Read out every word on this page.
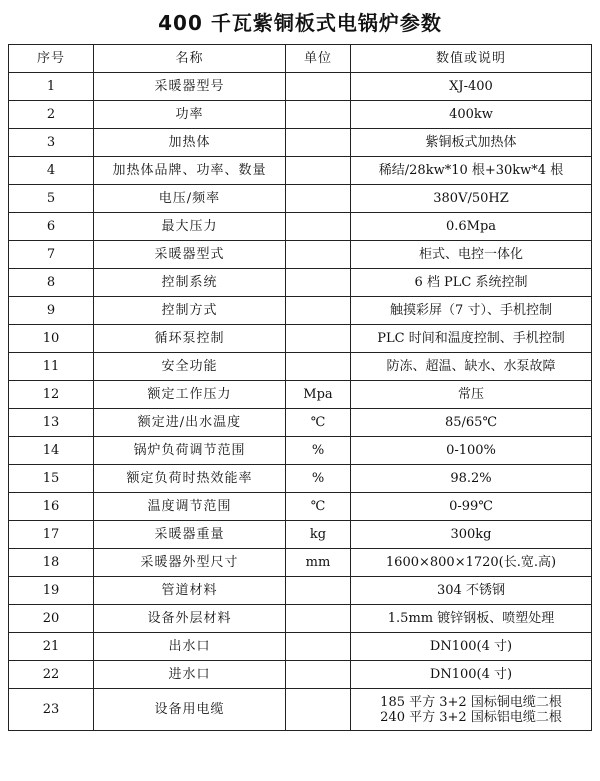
400 千瓦紫铜板式电锅炉参数
序号	名称	单位	数值或说明
1	采暖器型号		XJ-400
2	功率		400kw
3	加热体		紫铜板式加热体
4	加热体品牌、功率、数量		稀结/28kw*10 根+30kw*4 根
5	电压/频率		380V/50HZ
6	最大压力		0.6Mpa
7	采暖器型式		柜式、电控一体化
8	控制系统		6 档 PLC 系统控制
9	控制方式		触摸彩屏（7 寸）、手机控制
10	循环泵控制		PLC 时间和温度控制、手机控制
11	安全功能		防冻、超温、缺水、水泵故障
12	额定工作压力	Mpa	常压
13	额定进/出水温度	℃	85/65℃
14	锅炉负荷调节范围	%	0-100%
15	额定负荷时热效能率	%	98.2%
16	温度调节范围	℃	0-99℃
17	采暖器重量	kg	300kg
18	采暖器外型尺寸	mm	1600×800×1720(长.宽.高)
19	管道材料		304 不锈钢
20	设备外层材料		1.5mm 镀锌钢板、喷塑处理
21	出水口		DN100(4 寸)
22	进水口		DN100(4 寸)
23	设备用电缆		185 平方 3+2 国标铜电缆二根
240 平方 3+2 国标铝电缆二根
